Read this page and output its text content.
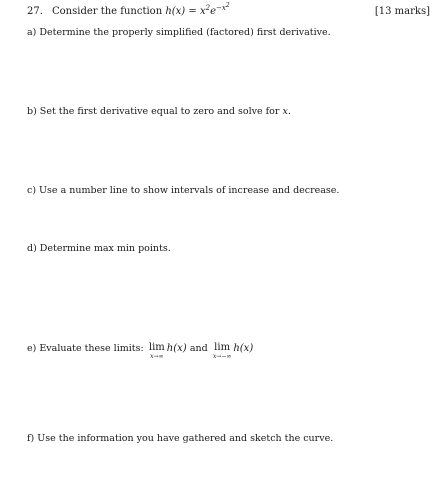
27. Consider the function $h(x) = x^2e^{-x^2}$
[13 marks]
a) Determine the properly simplified (factored) first derivative.
b) Set the first derivative equal to zero and solve for x.
c) Use a number line to show intervals of increase and decrease.
d) Determine max min points.
e) Evaluate these limits: lim
x→∞
h(x) and lim
x→−∞
h(x)
f) Use the information you have gathered and sketch the curve.
